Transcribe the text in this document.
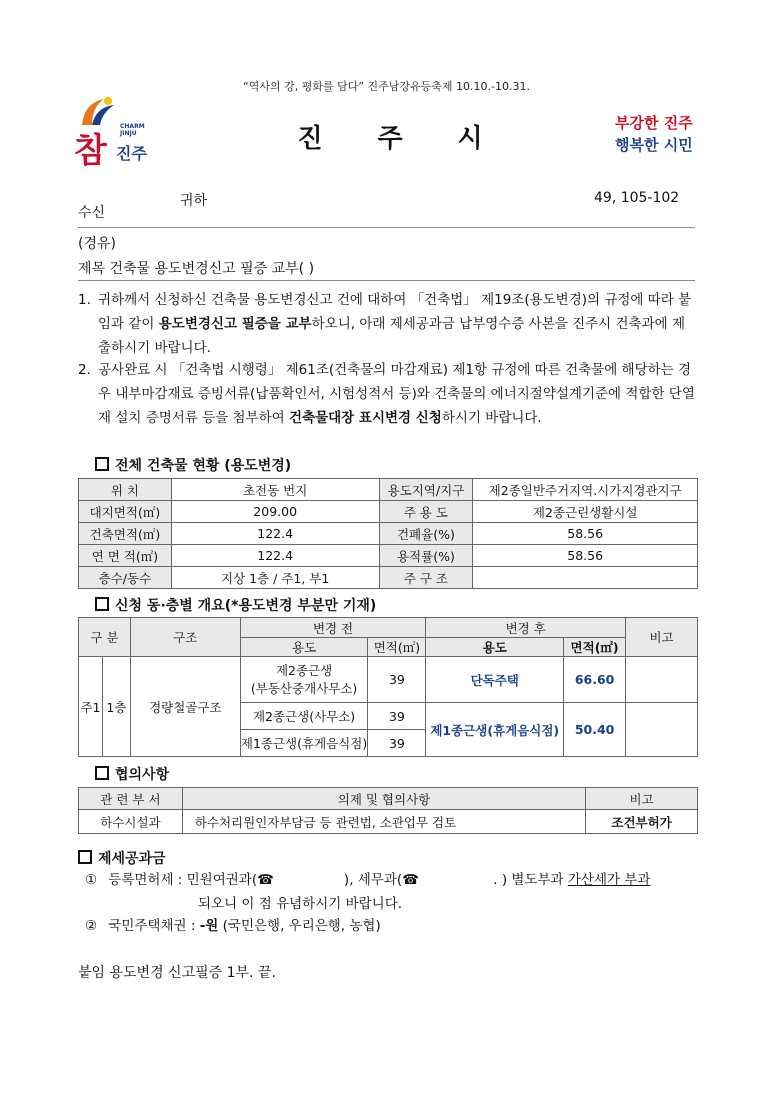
“역사의 강, 평화를 담다” 진주남강유등축제 10.10.-10.31.
CHARM
JINJU
참 진주	진 주 시
부강한 진주
행복한 시민
수신
귀하	49, 105-102
(경유)
제목 건축물 용도변경신고 필증 교부( )
1. 귀하께서 신청하신 건축물 용도변경신고 건에 대하여 「건축법」 제19조(용도변경)의 규정에 따라 붙임과 같이 용도변경신고 필증을 교부하오니, 아래 제세공과금 납부영수증 사본을 진주시 건축과에 제출하시기 바랍니다.
2. 공사완료 시 「건축법 시행령」 제61조(건축물의 마감재료) 제1항 규정에 따른 건축물에 해당하는 경우 내부마감재료 증빙서류(납품확인서, 시험성적서 등)와 건축물의 에너지절약설계기준에 적합한 단열재 설치 증명서류 등을 첨부하여 건축물대장 표시변경 신청하시기 바랍니다.
전체 건축물 현황 (용도변경)
위 치	초전동 번지	용도지역/지구	제2종일반주거지역.시가지경관지구
대지면적(㎡)	209.00	주 용 도	제2종근린생활시설
건축면적(㎡)	122.4	건폐율(%)	58.56
연 면 적(㎡)	122.4	용적률(%)	58.56
층수/동수	지상 1층 / 주1, 부1	주 구 조	
신청 동·층별 개요(*용도변경 부분만 기재)
구 분		구조	변경 전		변경 후		비고
			용도	면적(㎡)	용도	면적(㎡)	
주1	1층	경량철골구조	제2종근생
(부동산중개사무소)	39	단독주택	66.60	
			제2종근생(사무소)	39	제1종근생(휴게음식점)	50.40	
			제1종근생(휴게음식점)	39			
협의사항
관 련 부 서	의제 및 협의사항	비고
하수시설과	하수처리원인자부담금 등 관련법, 소관업무 검토	조건부허가
제세공과금
① 등록면허세 : 민원여권과(☎	), 세무과(☎	. ) 별도부과 가산세가 부과
되오니 이 점 유념하시기 바랍니다.
② 국민주택채권 : -원 (국민은행, 우리은행, 농협)
붙임 용도변경 신고필증 1부. 끝.
